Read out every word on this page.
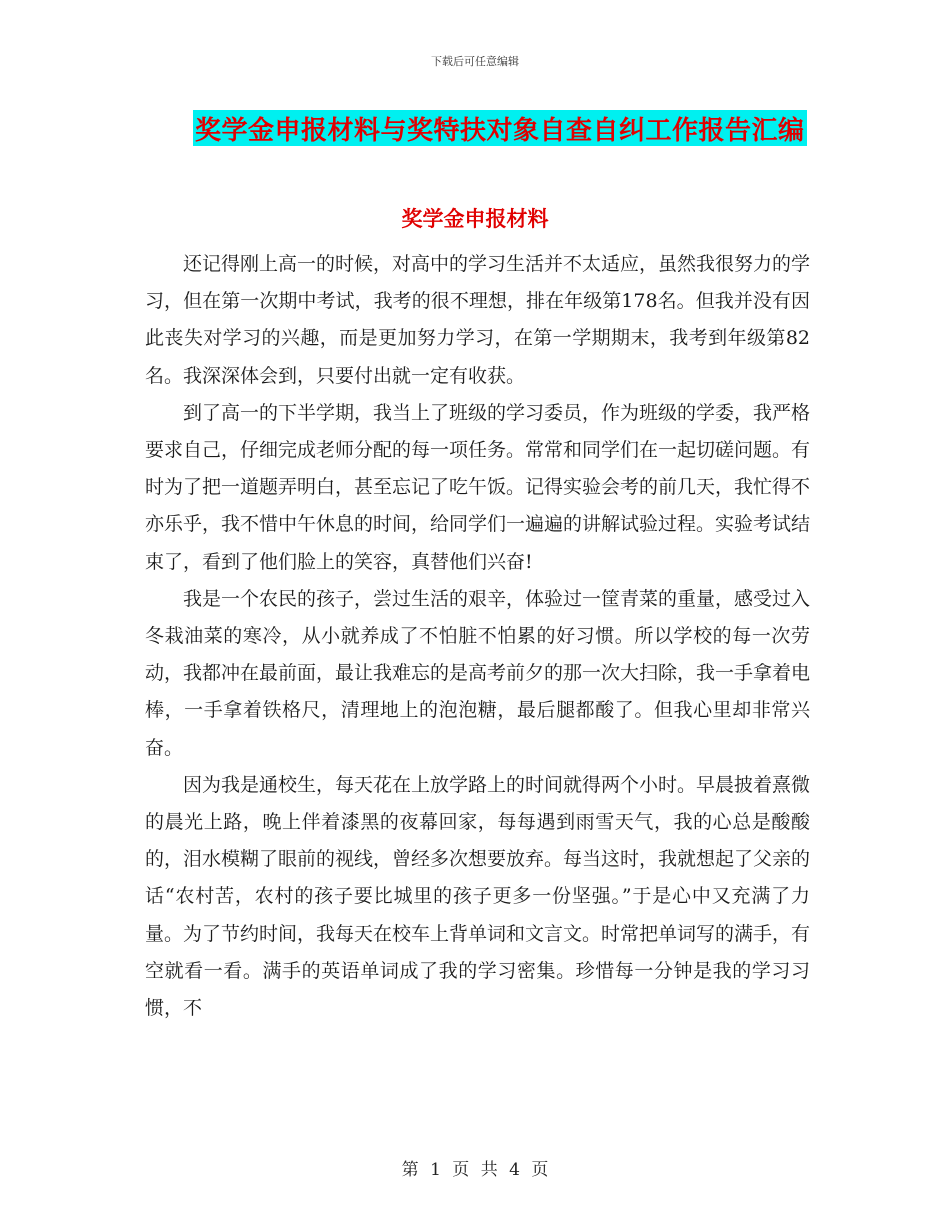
下载后可任意编辑
奖学金申报材料与奖特扶对象自查自纠工作报告汇编
奖学金申报材料

还记得刚上高一的时候，对高中的学习生活并不太适应，虽然我很努力的学习，但在第一次期中考试，我考的很不理想，排在年级第178名。但我并没有因此丧失对学习的兴趣，而是更加努力学习，在第一学期期末，我考到年级第82名。我深深体会到，只要付出就一定有收获。

到了高一的下半学期，我当上了班级的学习委员，作为班级的学委，我严格要求自己，仔细完成老师分配的每一项任务。常常和同学们在一起切磋问题。有时为了把一道题弄明白，甚至忘记了吃午饭。记得实验会考的前几天，我忙得不亦乐乎，我不惜中午休息的时间，给同学们一遍遍的讲解试验过程。实验考试结束了，看到了他们脸上的笑容，真替他们兴奋!

我是一个农民的孩子，尝过生活的艰辛，体验过一筐青菜的重量，感受过入冬栽油菜的寒冷，从小就养成了不怕脏不怕累的好习惯。所以学校的每一次劳动，我都冲在最前面，最让我难忘的是高考前夕的那一次大扫除，我一手拿着电棒，一手拿着铁格尺，清理地上的泡泡糖，最后腿都酸了。但我心里却非常兴奋。

因为我是通校生，每天花在上放学路上的时间就得两个小时。早晨披着熹微的晨光上路，晚上伴着漆黑的夜幕回家，每每遇到雨雪天气，我的心总是酸酸的，泪水模糊了眼前的视线，曾经多次想要放弃。每当这时，我就想起了父亲的话“农村苦，农村的孩子要比城里的孩子更多一份坚强。”于是心中又充满了力量。为了节约时间，我每天在校车上背单词和文言文。时常把单词写的满手，有空就看一看。满手的英语单词成了我的学习密集。珍惜每一分钟是我的学习习惯，不

第 1 页 共 4 页
